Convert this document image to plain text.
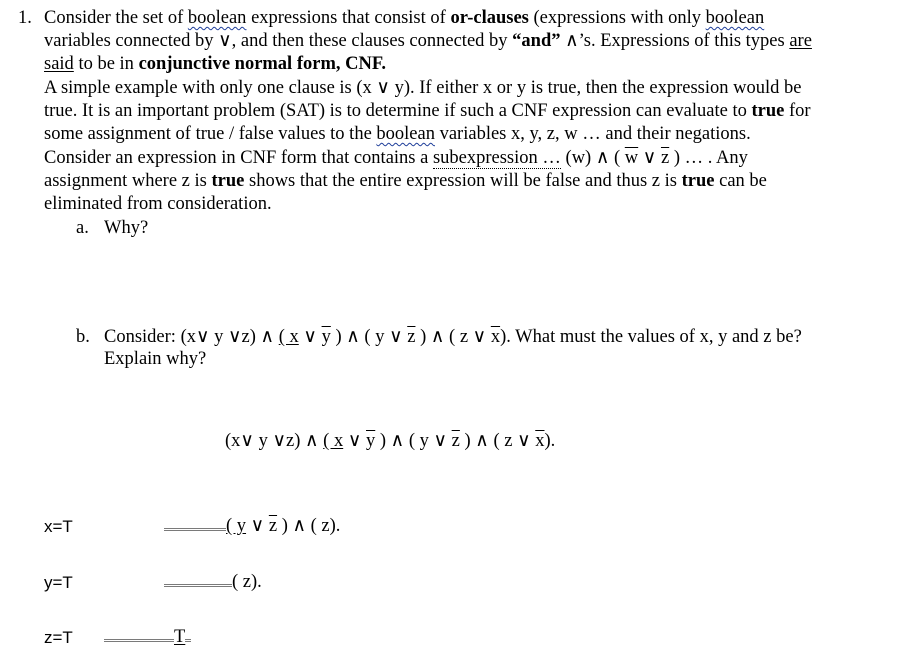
1. Consider the set of boolean expressions that consist of or-clauses (expressions with only boolean
variables connected by ∨, and then these clauses connected by “and” ∧’s. Expressions of this types are
said to be in conjunctive normal form, CNF.
A simple example with only one clause is (x ∨ y). If either x or y is true, then the expression would be
true. It is an important problem (SAT) is to determine if such a CNF expression can evaluate to true for
some assignment of true / false values to the boolean variables x, y, z, w … and their negations.
Consider an expression in CNF form that contains a subexpression … (w) ∧ ( $\overline{w}$ ∨ $\overline{z}$ ) … . Any
assignment where z is true shows that the entire expression will be false and thus z is true can be
eliminated from consideration.
a. Why?
b. Consider: (x∨ y ∨z) ∧ ( x ∨ $\overline{y}$ ) ∧ ( y ∨ $\overline{z}$ ) ∧ ( z ∨ $\overline{x}$). What must the values of x, y and z be?
Explain why?
(x∨ y ∨z) ∧ ( x ∨ $\overline{y}$ ) ∧ ( y ∨ $\overline{z}$ ) ∧ ( z ∨ $\overline{x}$).
x=T	( y ∨ $\overline{z}$ ) ∧ ( z).
y=T	( z).
z=T	T
